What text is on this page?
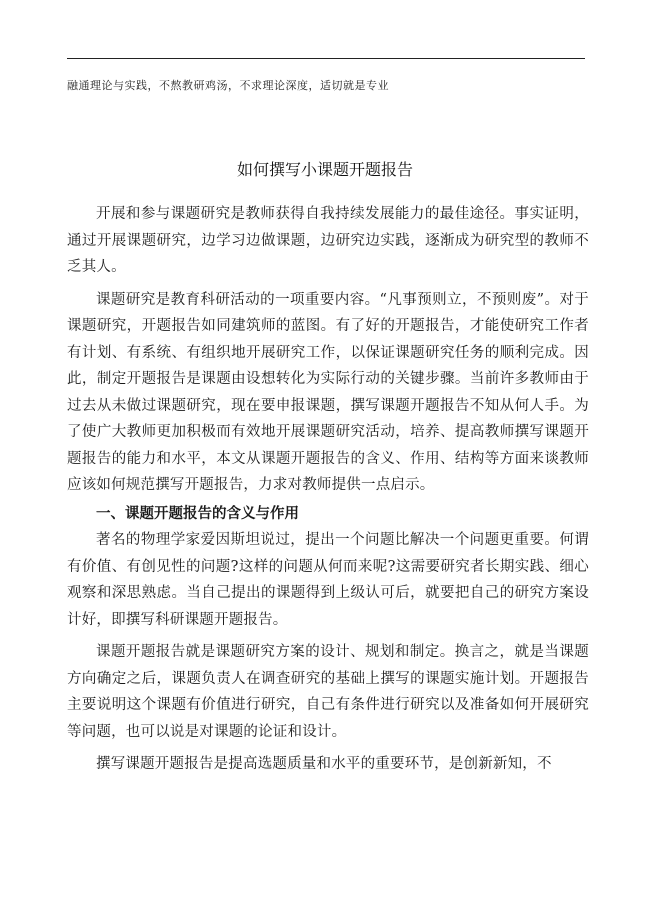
融通理论与实践，不熬教研鸡汤，不求理论深度，适切就是专业
如何撰写小课题开题报告

开展和参与课题研究是教师获得自我持续发展能力的最佳途径。事实证明，通过开展课题研究，边学习边做课题，边研究边实践，逐渐成为研究型的教师不乏其人。

课题研究是教育科研活动的一项重要内容。“凡事预则立，不预则废”。对于课题研究，开题报告如同建筑师的蓝图。有了好的开题报告，才能使研究工作者有计划、有系统、有组织地开展研究工作，以保证课题研究任务的顺利完成。因此，制定开题报告是课题由设想转化为实际行动的关键步骤。当前许多教师由于过去从未做过课题研究，现在要申报课题，撰写课题开题报告不知从何人手。为了使广大教师更加积极而有效地开展课题研究活动，培养、提高教师撰写课题开题报告的能力和水平，本文从课题开题报告的含义、作用、结构等方面来谈教师应该如何规范撰写开题报告，力求对教师提供一点启示。

一、课题开题报告的含义与作用

著名的物理学家爱因斯坦说过，提出一个问题比解决一个问题更重要。何谓有价值、有创见性的问题?这样的问题从何而来呢?这需要研究者长期实践、细心观察和深思熟虑。当自己提出的课题得到上级认可后，就要把自己的研究方案设计好，即撰写科研课题开题报告。

课题开题报告就是课题研究方案的设计、规划和制定。换言之，就是当课题方向确定之后，课题负责人在调查研究的基础上撰写的课题实施计划。开题报告主要说明这个课题有价值进行研究，自己有条件进行研究以及准备如何开展研究等问题，也可以说是对课题的论证和设计。

撰写课题开题报告是提高选题质量和水平的重要环节，是创新新知，不
